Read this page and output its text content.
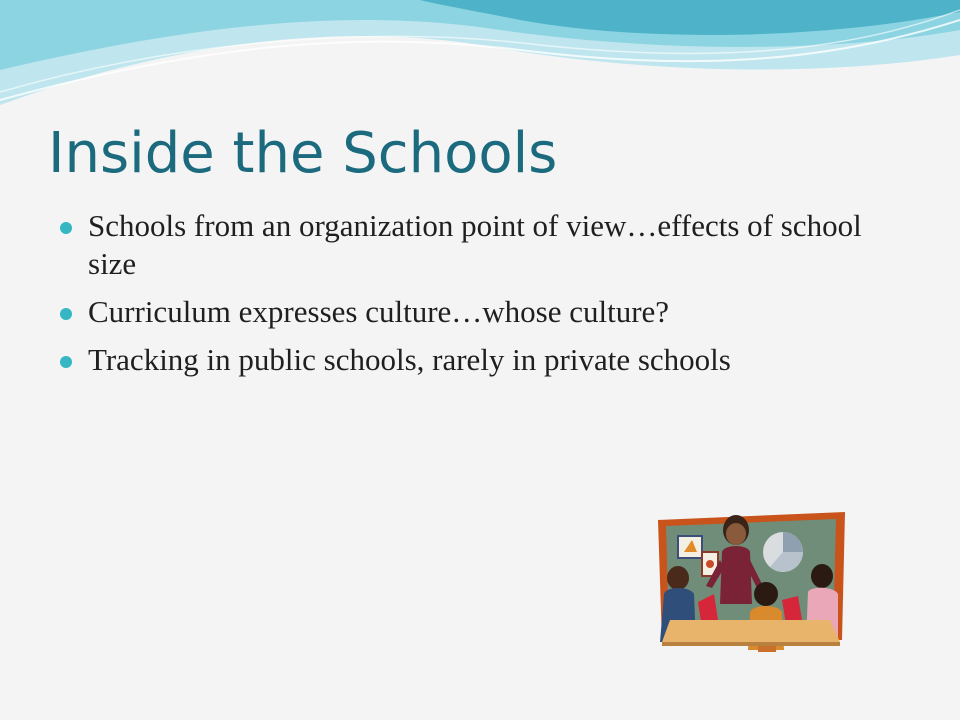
Inside the Schools
Schools from an organization point of view…effects of school size
Curriculum expresses culture…whose culture?
Tracking in public schools, rarely in private schools
